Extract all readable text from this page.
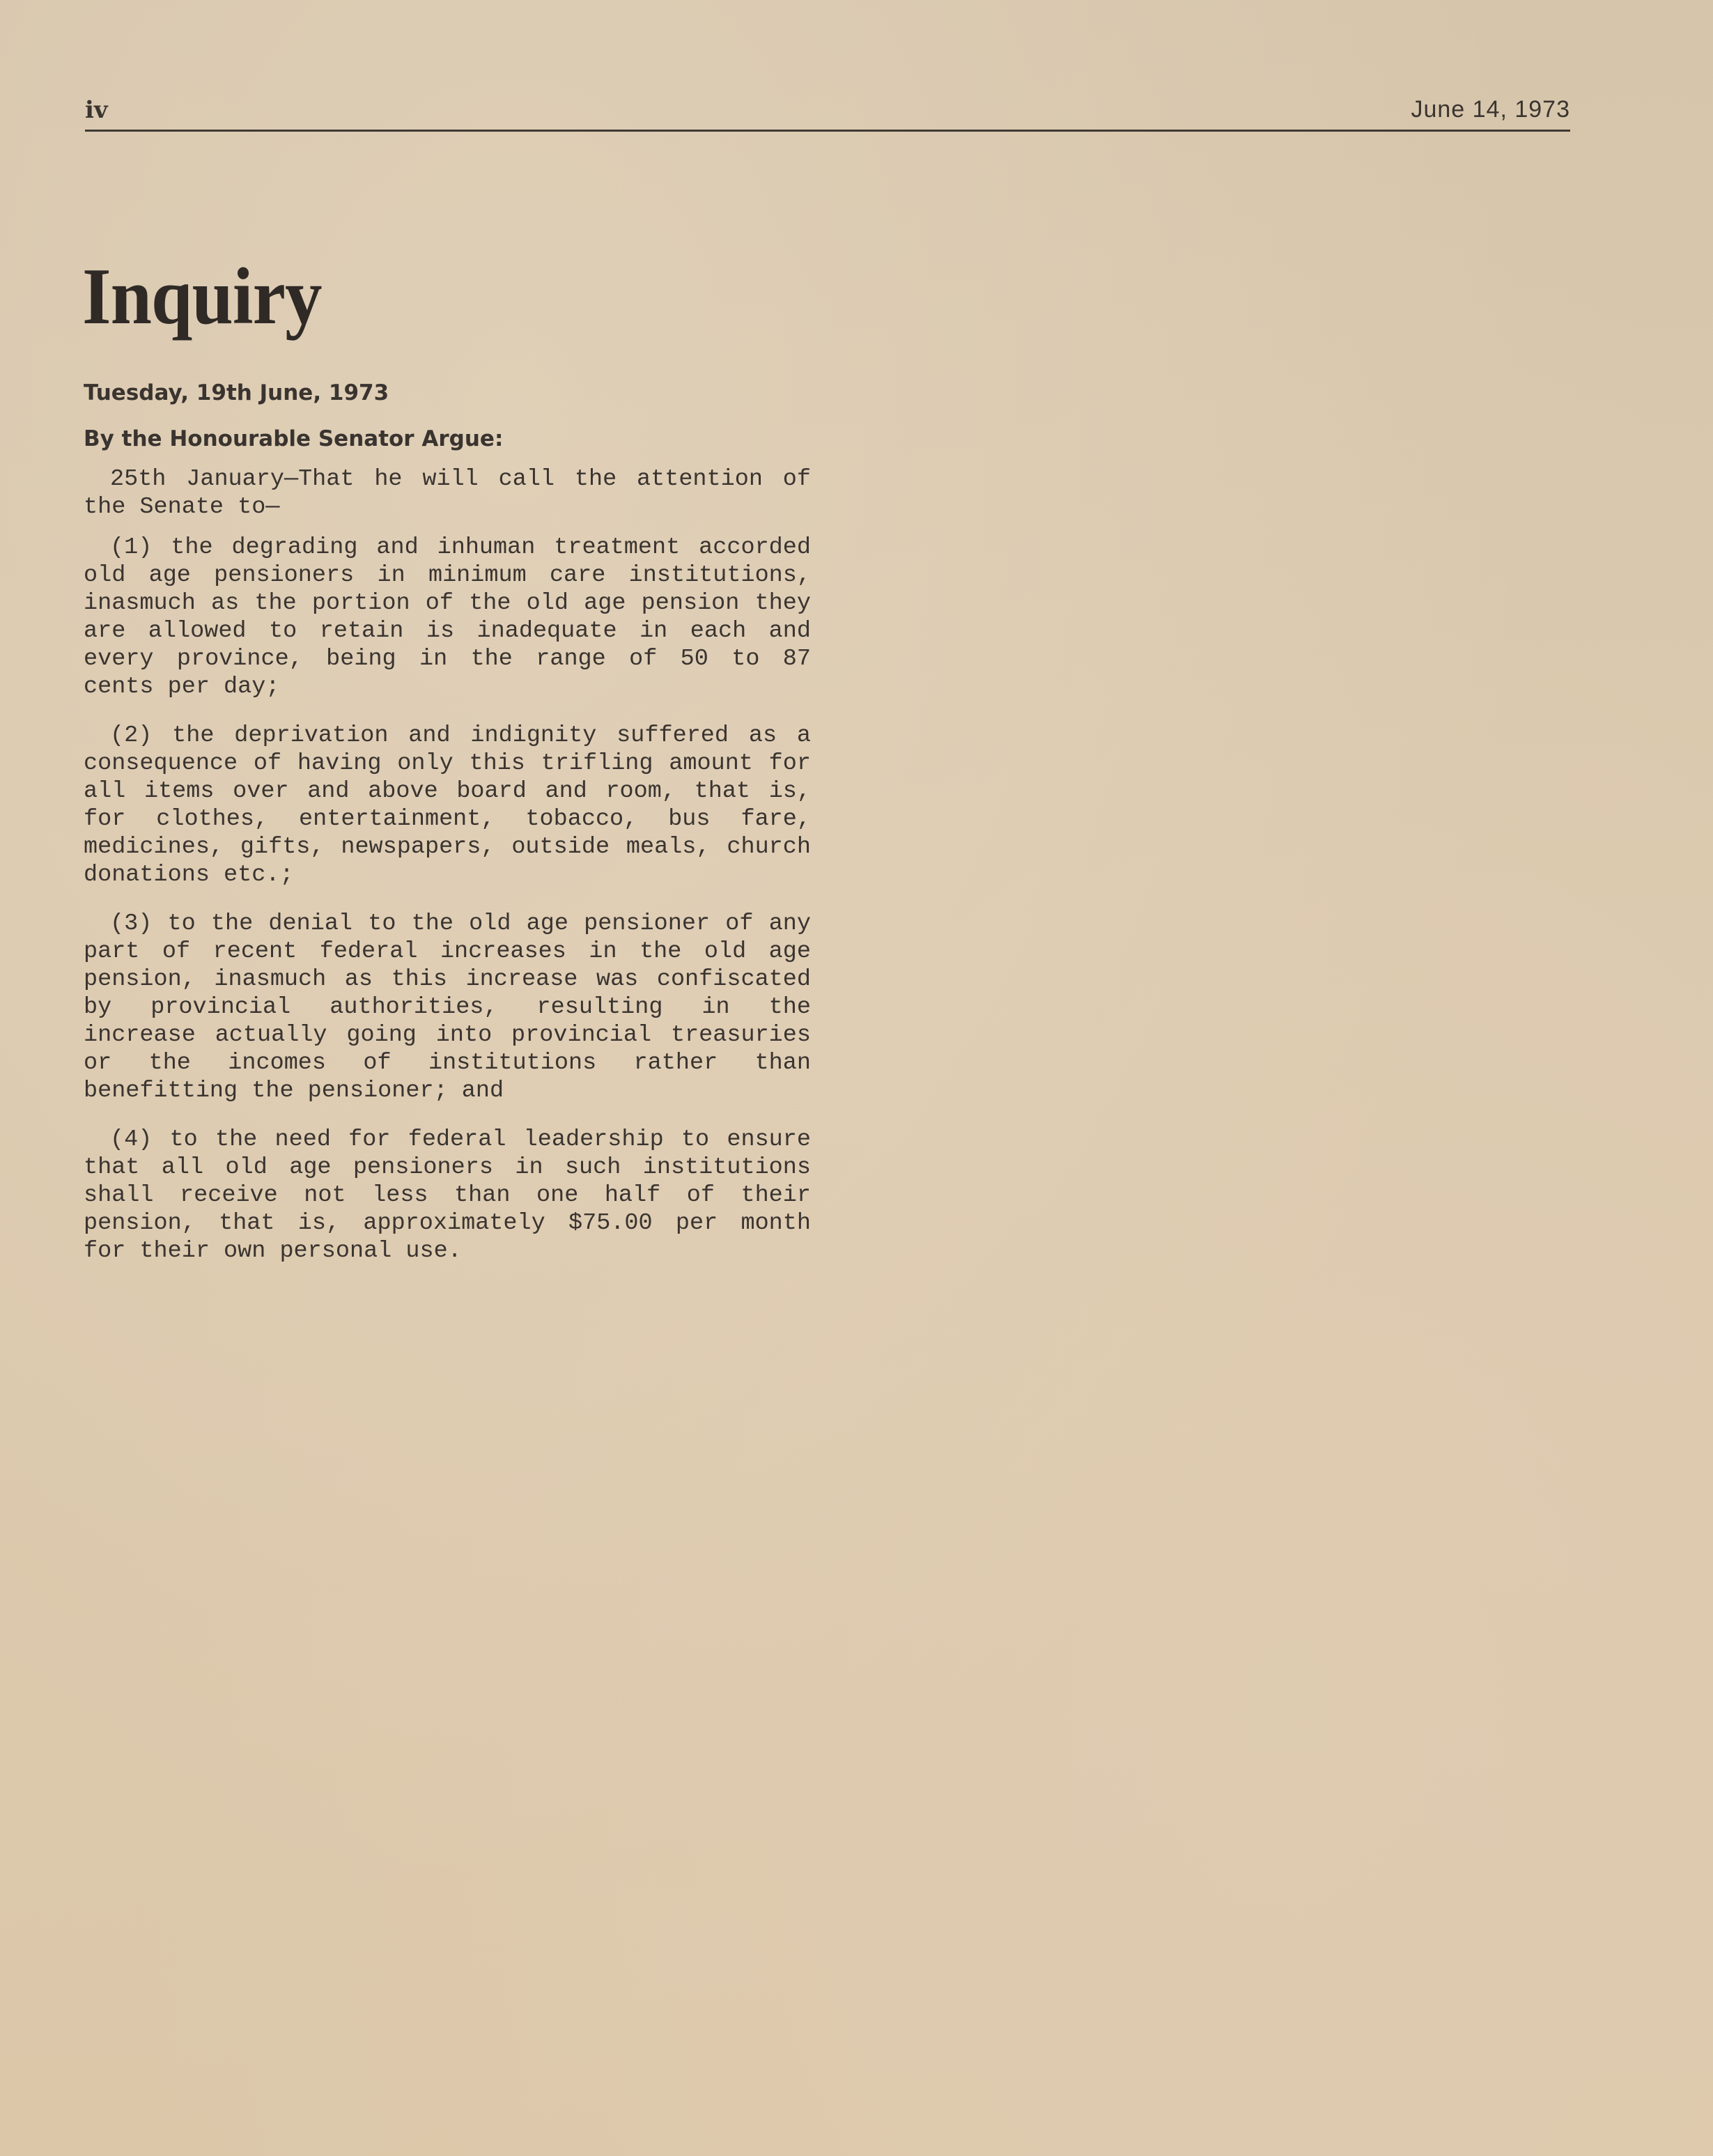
iv	June 14, 1973
Inquiry

Tuesday, 19th June, 1973

By the Honourable Senator Argue:

25th January—That he will call the attention of the Senate to—

(1) the degrading and inhuman treatment accorded old age pensioners in minimum care institutions, inasmuch as the portion of the old age pension they are allowed to retain is inadequate in each and every province, being in the range of 50 to 87 cents per day;

(2) the deprivation and indignity suffered as a consequence of having only this trifling amount for all items over and above board and room, that is, for clothes, entertainment, tobacco, bus fare, medicines, gifts, newspapers, outside meals, church donations etc.;

(3) to the denial to the old age pensioner of any part of recent federal increases in the old age pension, inasmuch as this increase was confiscated by provincial authorities, resulting in the increase actually going into provincial treasuries or the incomes of institutions rather than benefitting the pensioner; and

(4) to the need for federal leadership to ensure that all old age pensioners in such institutions shall receive not less than one half of their pension, that is, approximately $75.00 per month for their own personal use.
